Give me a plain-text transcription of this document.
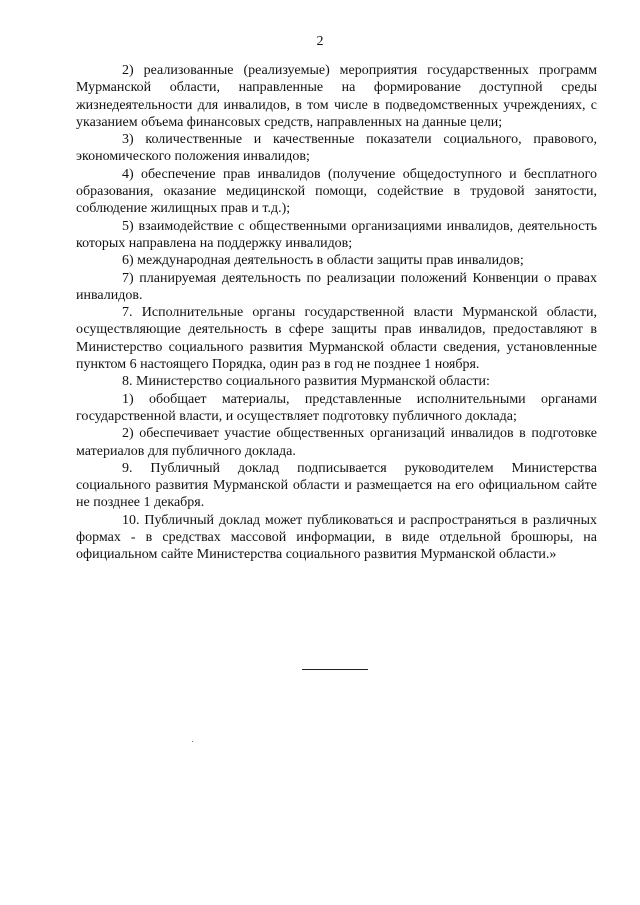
2

2) реализованные (реализуемые) мероприятия государственных программ Мурманской области, направленные на формирование доступной среды жизнедеятельности для инвалидов, в том числе в подведомственных учреждениях, с указанием объема финансовых средств, направленных на данные цели;

3) количественные и качественные показатели социального, правового, экономического положения инвалидов;

4) обеспечение прав инвалидов (получение общедоступного и бесплатного образования, оказание медицинской помощи, содействие в трудовой занятости, соблюдение жилищных прав и т.д.);

5) взаимодействие с общественными организациями инвалидов, деятельность которых направлена на поддержку инвалидов;

6) международная деятельность в области защиты прав инвалидов;

7) планируемая деятельность по реализации положений Конвенции о правах инвалидов.

7. Исполнительные органы государственной власти Мурманской области, осуществляющие деятельность в сфере защиты прав инвалидов, предоставляют в Министерство социального развития Мурманской области сведения, установленные пунктом 6 настоящего Порядка, один раз в год не позднее 1 ноября.

8. Министерство социального развития Мурманской области:

1) обобщает материалы, представленные исполнительными органами государственной власти, и осуществляет подготовку публичного доклада;

2) обеспечивает участие общественных организаций инвалидов в подготовке материалов для публичного доклада.

9. Публичный доклад подписывается руководителем Министерства социального развития Мурманской области и размещается на его официальном сайте не позднее 1 декабря.

10. Публичный доклад может публиковаться и распространяться в различных формах - в средствах массовой информации, в виде отдельной брошюры, на официальном сайте Министерства социального развития Мурманской области.»
